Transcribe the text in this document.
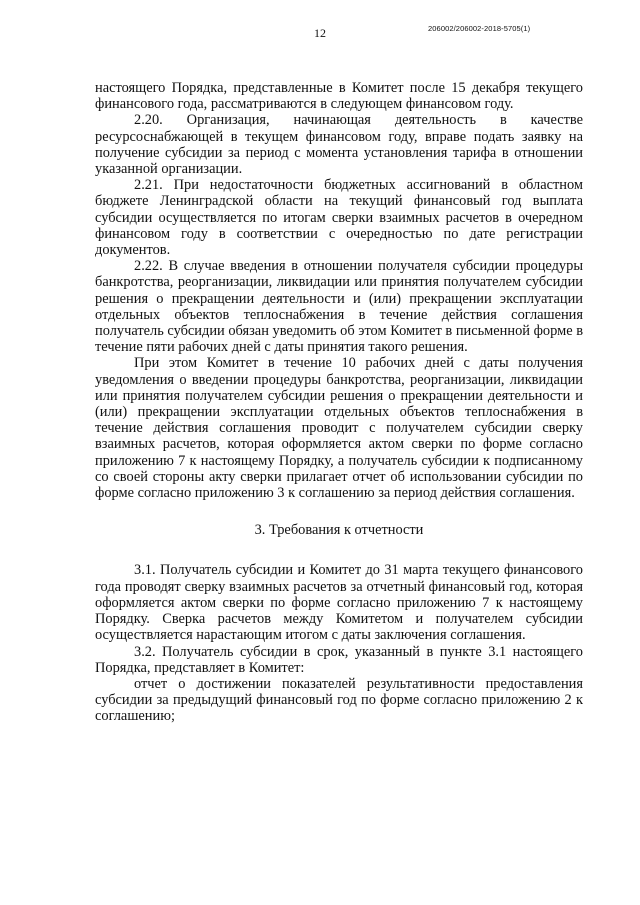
12	206002/206002-2018-5705(1)

настоящего Порядка, представленные в Комитет после 15 декабря текущего финансового года, рассматриваются в следующем финансовом году.

2.20. Организация, начинающая деятельность в качестве ресурсоснабжающей в текущем финансовом году, вправе подать заявку на получение субсидии за период с момента установления тарифа в отношении указанной организации.

2.21. При недостаточности бюджетных ассигнований в областном бюджете Ленинградской области на текущий финансовый год выплата субсидии осуществляется по итогам сверки взаимных расчетов в очередном финансовом году в соответствии с очередностью по дате регистрации документов.

2.22. В случае введения в отношении получателя субсидии процедуры банкротства, реорганизации, ликвидации или принятия получателем субсидии решения о прекращении деятельности и (или) прекращении эксплуатации отдельных объектов теплоснабжения в течение действия соглашения получатель субсидии обязан уведомить об этом Комитет в письменной форме в течение пяти рабочих дней с даты принятия такого решения.

При этом Комитет в течение 10 рабочих дней с даты получения уведомления о введении процедуры банкротства, реорганизации, ликвидации или принятия получателем субсидии решения о прекращении деятельности и (или) прекращении эксплуатации отдельных объектов теплоснабжения в течение действия соглашения проводит с получателем субсидии сверку взаимных расчетов, которая оформляется актом сверки по форме согласно приложению 7 к настоящему Порядку, а получатель субсидии к подписанному со своей стороны акту сверки прилагает отчет об использовании субсидии по форме согласно приложению 3 к соглашению за период действия соглашения.

3. Требования к отчетности

3.1. Получатель субсидии и Комитет до 31 марта текущего финансового года проводят сверку взаимных расчетов за отчетный финансовый год, которая оформляется актом сверки по форме согласно приложению 7 к настоящему Порядку. Сверка расчетов между Комитетом и получателем субсидии осуществляется нарастающим итогом с даты заключения соглашения.

3.2. Получатель субсидии в срок, указанный в пункте 3.1 настоящего Порядка, представляет в Комитет:

отчет о достижении показателей результативности предоставления субсидии за предыдущий финансовый год по форме согласно приложению 2 к соглашению;
